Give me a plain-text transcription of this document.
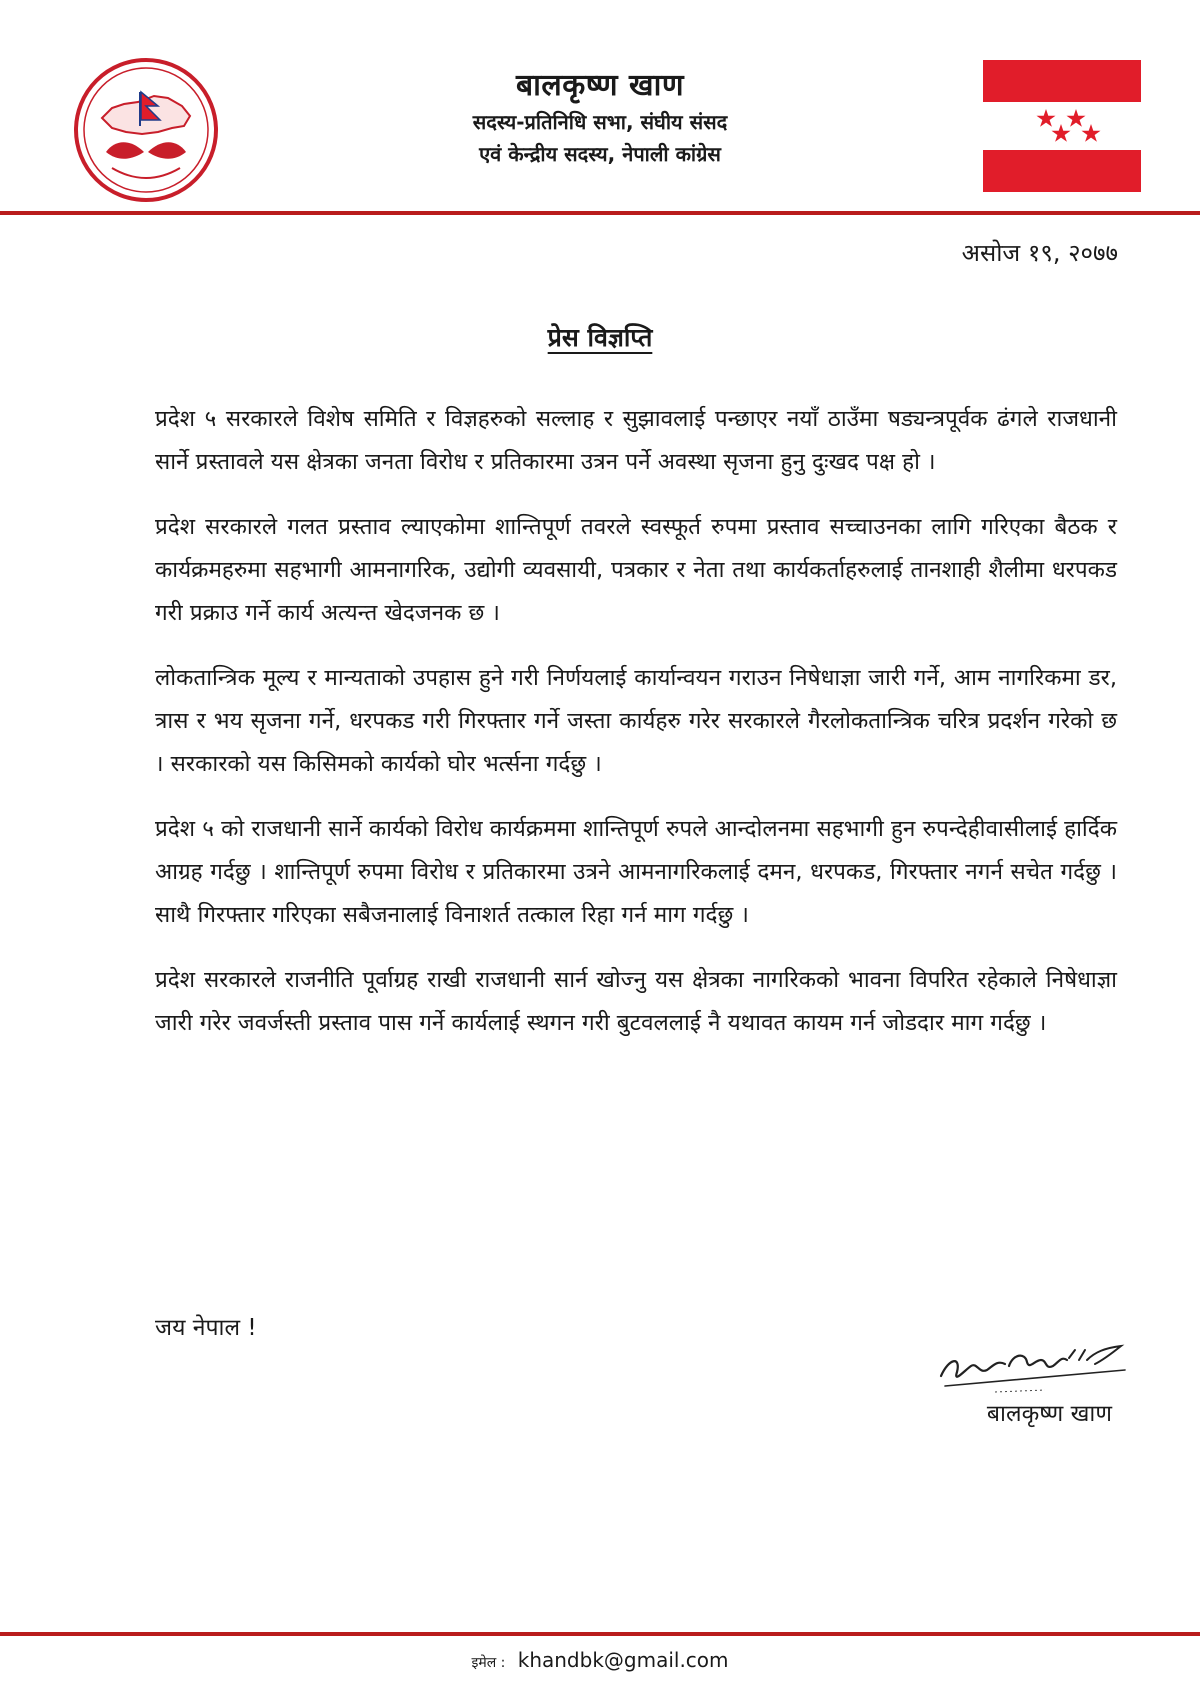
बालकृष्ण खाण
सदस्य-प्रतिनिधि सभा, संघीय संसद
एवं केन्द्रीय सदस्य, नेपाली कांग्रेस
असोज १९, २०७७
प्रेस विज्ञप्ति

प्रदेश ५ सरकारले विशेष समिति र विज्ञहरुको सल्लाह र सुझावलाई पन्छाएर नयाँ ठाउँमा षड्यन्त्रपूर्वक ढंगले राजधानी सार्ने प्रस्तावले यस क्षेत्रका जनता विरोध र प्रतिकारमा उत्रन पर्ने अवस्था सृजना हुनु दुःखद पक्ष हो ।

प्रदेश सरकारले गलत प्रस्ताव ल्याएकोमा शान्तिपूर्ण तवरले स्वस्फूर्त रुपमा प्रस्ताव सच्चाउनका लागि गरिएका बैठक र कार्यक्रमहरुमा सहभागी आमनागरिक, उद्योगी व्यवसायी, पत्रकार र नेता तथा कार्यकर्ताहरुलाई तानशाही शैलीमा धरपकड गरी प्रक्राउ गर्ने कार्य अत्यन्त खेदजनक छ ।

लोकतान्त्रिक मूल्य र मान्यताको उपहास हुने गरी निर्णयलाई कार्यान्वयन गराउन निषेधाज्ञा जारी गर्ने, आम नागरिकमा डर, त्रास र भय सृजना गर्ने, धरपकड गरी गिरफ्तार गर्ने जस्ता कार्यहरु गरेर सरकारले गैरलोकतान्त्रिक चरित्र प्रदर्शन गरेको छ । सरकारको यस किसिमको कार्यको घोर भर्त्सना गर्दछु ।

प्रदेश ५ को राजधानी सार्ने कार्यको विरोध कार्यक्रममा शान्तिपूर्ण रुपले आन्दोलनमा सहभागी हुन रुपन्देहीवासीलाई हार्दिक आग्रह गर्दछु । शान्तिपूर्ण रुपमा विरोध र प्रतिकारमा उत्रने आमनागरिकलाई दमन, धरपकड, गिरफ्तार नगर्न सचेत गर्दछु । साथै गिरफ्तार गरिएका सबैजनालाई विनाशर्त तत्काल रिहा गर्न माग गर्दछु ।

प्रदेश सरकारले राजनीति पूर्वाग्रह राखी राजधानी सार्न खोज्नु यस क्षेत्रका नागरिकको भावना विपरित रहेकाले निषेधाज्ञा जारी गरेर जवर्जस्ती प्रस्ताव पास गर्ने कार्यलाई स्थगन गरी बुटवललाई नै यथावत कायम गर्न जोडदार माग गर्दछु ।

जय नेपाल !
बालकृष्ण खाण
इमेल : khandbk@gmail.com
